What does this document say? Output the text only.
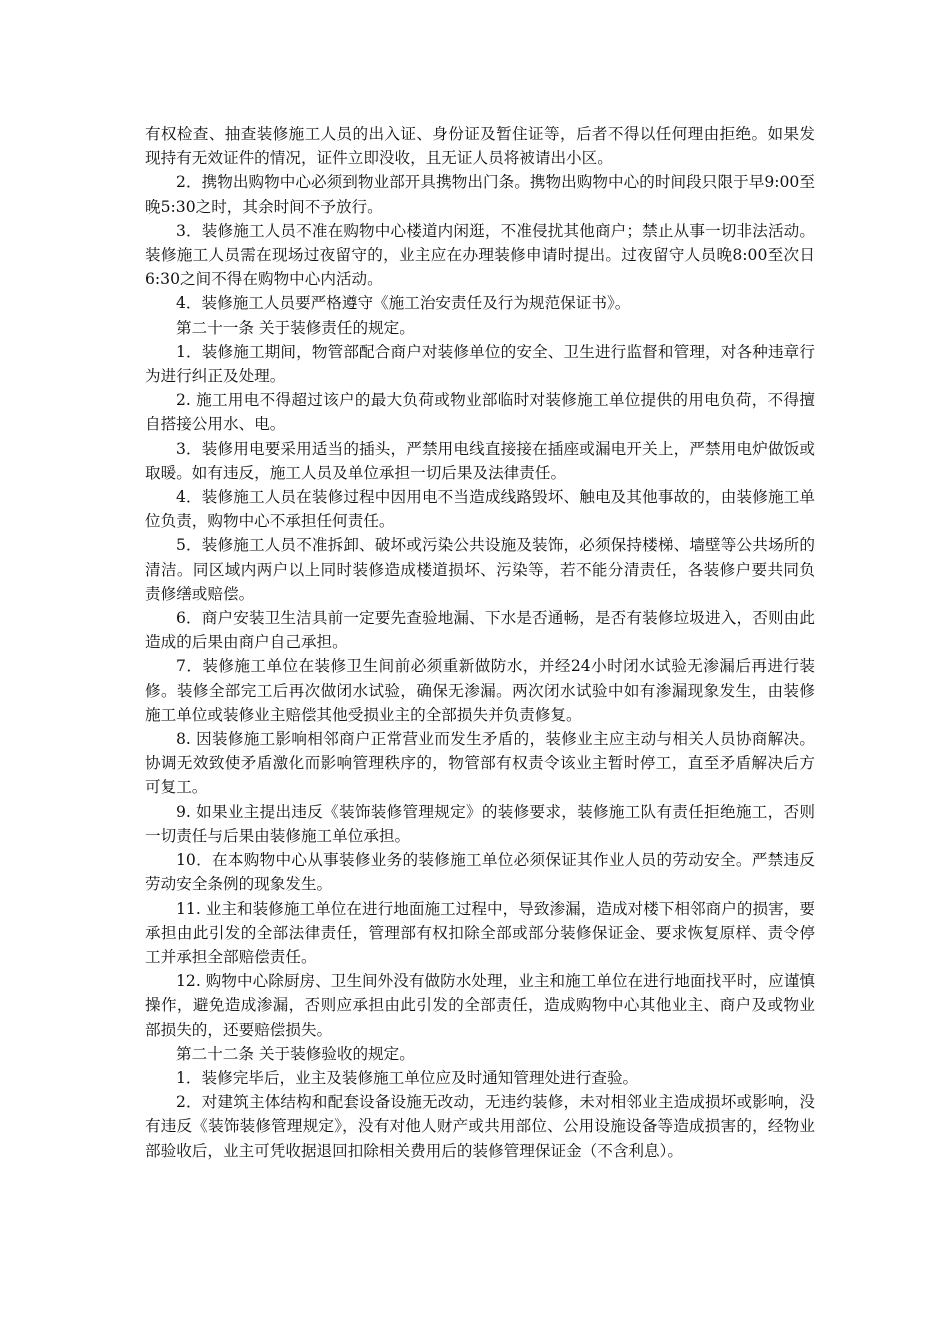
有权检查、抽查装修施工人员的出入证、身份证及暂住证等，后者不得以任何理由拒绝。如果发现持有无效证件的情况，证件立即没收，且无证人员将被请出小区。

2．携物出购物中心必须到物业部开具携物出门条。携物出购物中心的时间段只限于早9:00至晚5:30之时，其余时间不予放行。

3．装修施工人员不准在购物中心楼道内闲逛，不准侵扰其他商户；禁止从事一切非法活动。装修施工人员需在现场过夜留守的，业主应在办理装修申请时提出。过夜留守人员晚8:00至次日6:30之间不得在购物中心内活动。

4．装修施工人员要严格遵守《施工治安责任及行为规范保证书》。

第二十一条 关于装修责任的规定。

1．装修施工期间，物管部配合商户对装修单位的安全、卫生进行监督和管理，对各种违章行为进行纠正及处理。

2. 施工用电不得超过该户的最大负荷或物业部临时对装修施工单位提供的用电负荷，不得擅自搭接公用水、电。

3．装修用电要采用适当的插头，严禁用电线直接接在插座或漏电开关上，严禁用电炉做饭或取暖。如有违反，施工人员及单位承担一切后果及法律责任。

4．装修施工人员在装修过程中因用电不当造成线路毁坏、触电及其他事故的，由装修施工单位负责，购物中心不承担任何责任。

5．装修施工人员不准拆卸、破坏或污染公共设施及装饰，必须保持楼梯、墙壁等公共场所的清洁。同区域内两户以上同时装修造成楼道损坏、污染等，若不能分清责任，各装修户要共同负责修缮或赔偿。

6．商户安装卫生洁具前一定要先查验地漏、下水是否通畅，是否有装修垃圾进入，否则由此造成的后果由商户自己承担。

7．装修施工单位在装修卫生间前必须重新做防水，并经24小时闭水试验无渗漏后再进行装修。装修全部完工后再次做闭水试验，确保无渗漏。两次闭水试验中如有渗漏现象发生，由装修施工单位或装修业主赔偿其他受损业主的全部损失并负责修复。

8. 因装修施工影响相邻商户正常营业而发生矛盾的，装修业主应主动与相关人员协商解决。协调无效致使矛盾激化而影响管理秩序的，物管部有权责令该业主暂时停工，直至矛盾解决后方可复工。

9. 如果业主提出违反《装饰装修管理规定》的装修要求，装修施工队有责任拒绝施工，否则一切责任与后果由装修施工单位承担。

10．在本购物中心从事装修业务的装修施工单位必须保证其作业人员的劳动安全。严禁违反劳动安全条例的现象发生。

11. 业主和装修施工单位在进行地面施工过程中，导致渗漏，造成对楼下相邻商户的损害，要承担由此引发的全部法律责任，管理部有权扣除全部或部分装修保证金、要求恢复原样、责令停工并承担全部赔偿责任。

12. 购物中心除厨房、卫生间外没有做防水处理，业主和施工单位在进行地面找平时，应谨慎操作，避免造成渗漏，否则应承担由此引发的全部责任，造成购物中心其他业主、商户及或物业部损失的，还要赔偿损失。

第二十二条 关于装修验收的规定。

1．装修完毕后，业主及装修施工单位应及时通知管理处进行查验。

2．对建筑主体结构和配套设备设施无改动，无违约装修，未对相邻业主造成损坏或影响，没有违反《装饰装修管理规定》，没有对他人财产或共用部位、公用设施设备等造成损害的，经物业部验收后，业主可凭收据退回扣除相关费用后的装修管理保证金（不含利息）。
